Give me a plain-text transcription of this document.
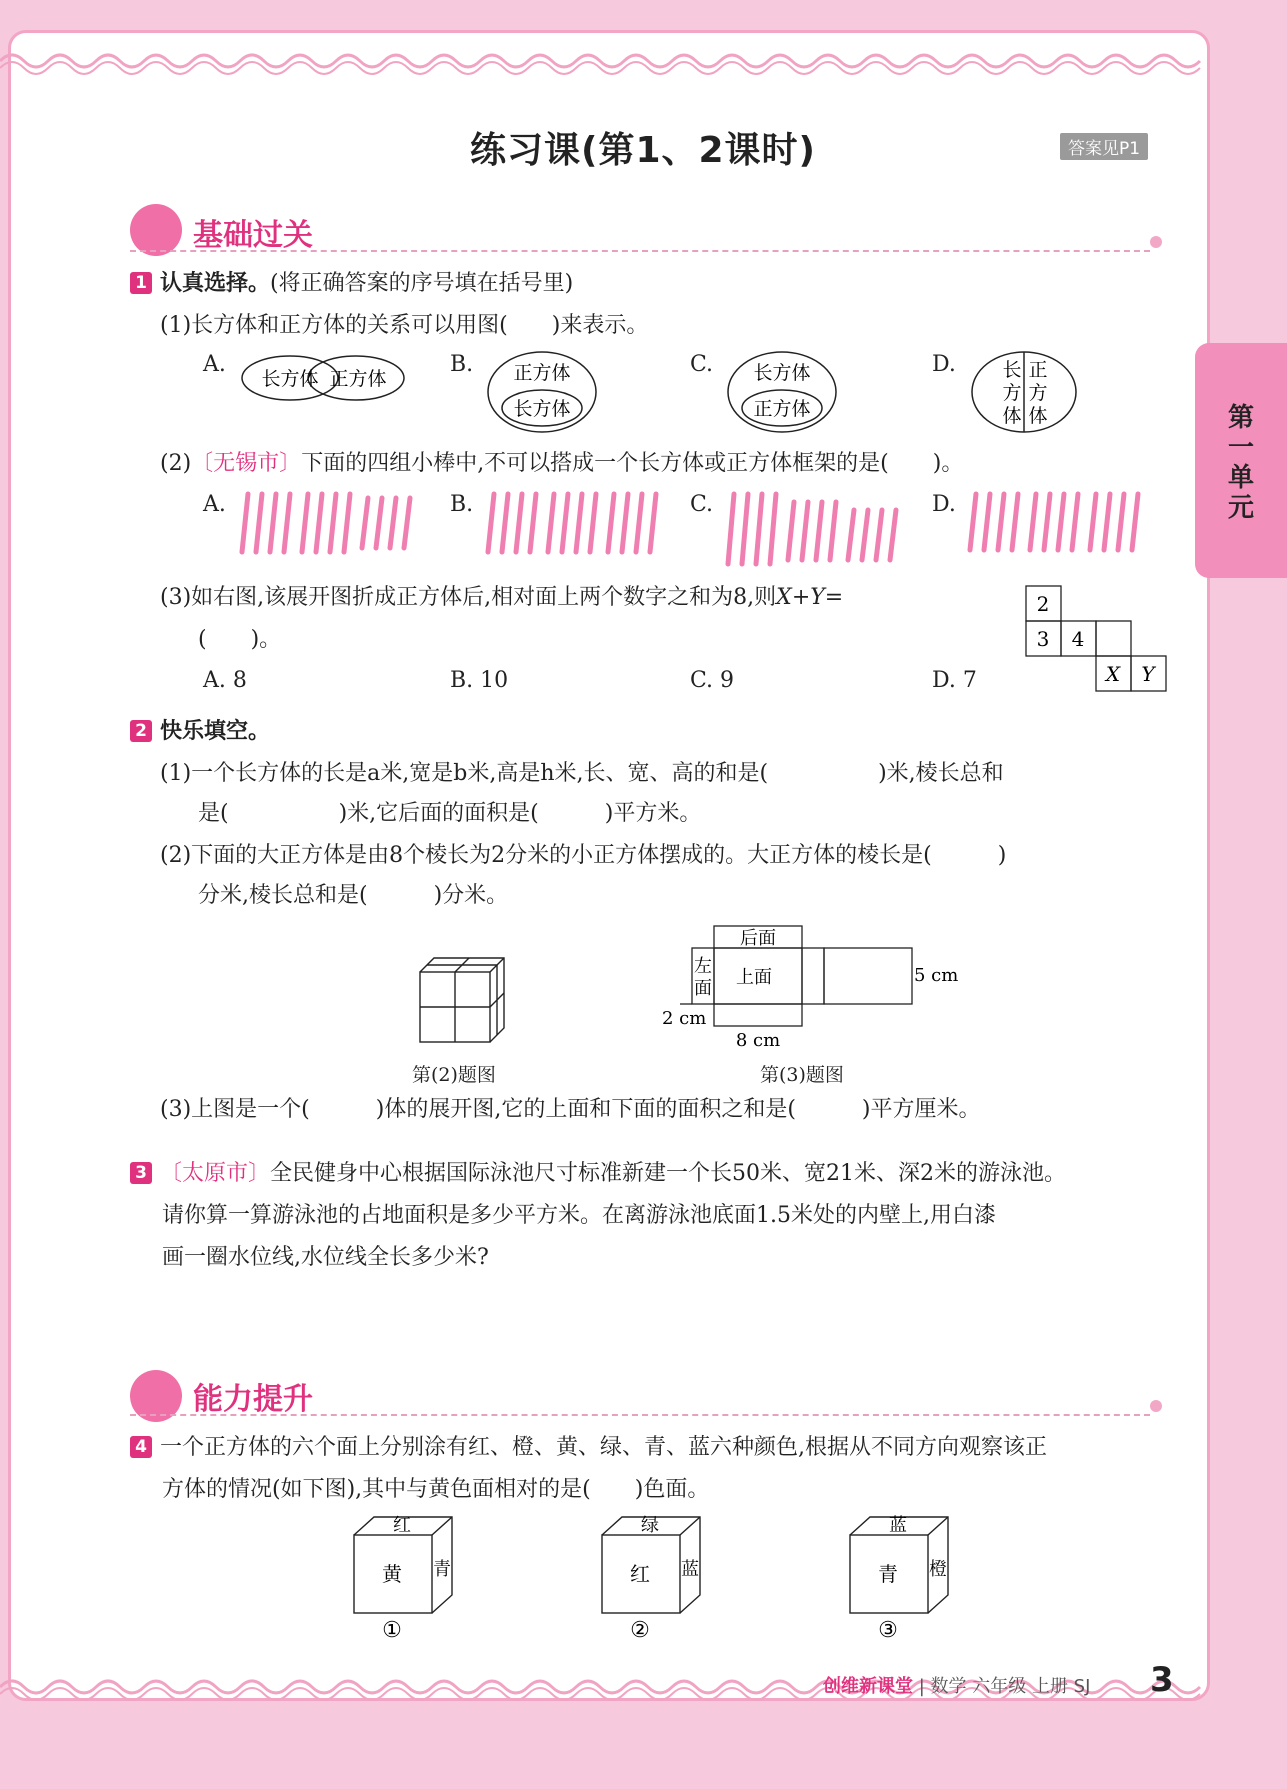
第一单元
练习课(第1、2课时)	答案见P1
基础过关
1 认真选择。(将正确答案的序号填在括号里)
(1)长方体和正方体的关系可以用图(　　)来表示。
A.
长方体 正方体
B. 正方体
长方体
C. 长方体
正方体
D. 长
方
体
正
方
体
(2)〔无锡市〕下面的四组小棒中,不可以搭成一个长方体或正方体框架的是(　　)。
A.	B.	C.	D.
(3)如右图,该展开图折成正方体后,相对面上两个数字之和为8,则X+Y=
(　　)。
2
3 4
X Y
A. 8	B. 10	C. 9	D. 7
2 快乐填空。
(1)一个长方体的长是a米,宽是b米,高是h米,长、宽、高的和是(　　　　　)米,棱长总和
是(　　　　　)米,它后面的面积是(　　　)平方米。
(2)下面的大正方体是由8个棱长为2分米的小正方体摆成的。大正方体的棱长是(　　　)
分米,棱长总和是(　　　)分米。
第(2)题图
后面
左
面
上面	5 cm
2 cm
8 cm
第(3)题图
(3)上图是一个(　　　)体的展开图,它的上面和下面的面积之和是(　　　)平方厘米。
3 〔太原市〕全民健身中心根据国际泳池尺寸标准新建一个长50米、宽21米、深2米的游泳池。
请你算一算游泳池的占地面积是多少平方米。在离游泳池底面1.5米处的内壁上,用白漆
画一圈水位线,水位线全长多少米?
能力提升
4 一个正方体的六个面上分别涂有红、橙、黄、绿、青、蓝六种颜色,根据从不同方向观察该正
方体的情况(如下图),其中与黄色面相对的是(　　)色面。
红
黄 青
①
绿
红 蓝
②
蓝
青 橙
③
创维新课堂 | 数学 六年级 上册 SJ 3
